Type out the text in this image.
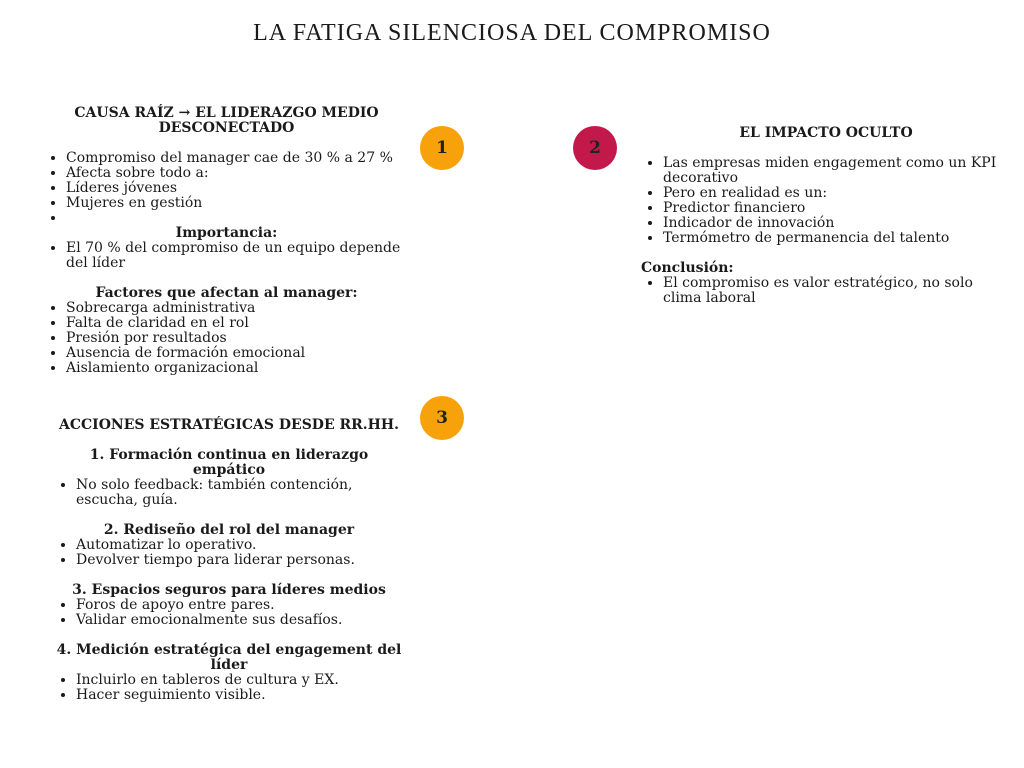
LA FATIGA SILENCIOSA DEL COMPROMISO
1	2
3
CAUSA RAÍZ → EL LIDERAZGO MEDIO DESCONECTADO
• Compromiso del manager cae de 30 % a 27 %
• Afecta sobre todo a:
• Líderes jóvenes
• Mujeres en gestión
•
Importancia:
• El 70 % del compromiso de un equipo depende del líder
Factores que afectan al manager:
• Sobrecarga administrativa
• Falta de claridad en el rol
• Presión por resultados
• Ausencia de formación emocional
• Aislamiento organizacional
EL IMPACTO OCULTO
• Las empresas miden engagement como un KPI decorativo
• Pero en realidad es un:
• Predictor financiero
• Indicador de innovación
• Termómetro de permanencia del talento
Conclusión:
• El compromiso es valor estratégico, no solo clima laboral
ACCIONES ESTRATÉGICAS DESDE RR.HH.
1. Formación continua en liderazgo empático
• No solo feedback: también contención, escucha, guía.
2. Rediseño del rol del manager
• Automatizar lo operativo.
• Devolver tiempo para liderar personas.
3. Espacios seguros para líderes medios
• Foros de apoyo entre pares.
• Validar emocionalmente sus desafíos.
4. Medición estratégica del engagement del líder
• Incluirlo en tableros de cultura y EX.
• Hacer seguimiento visible.
